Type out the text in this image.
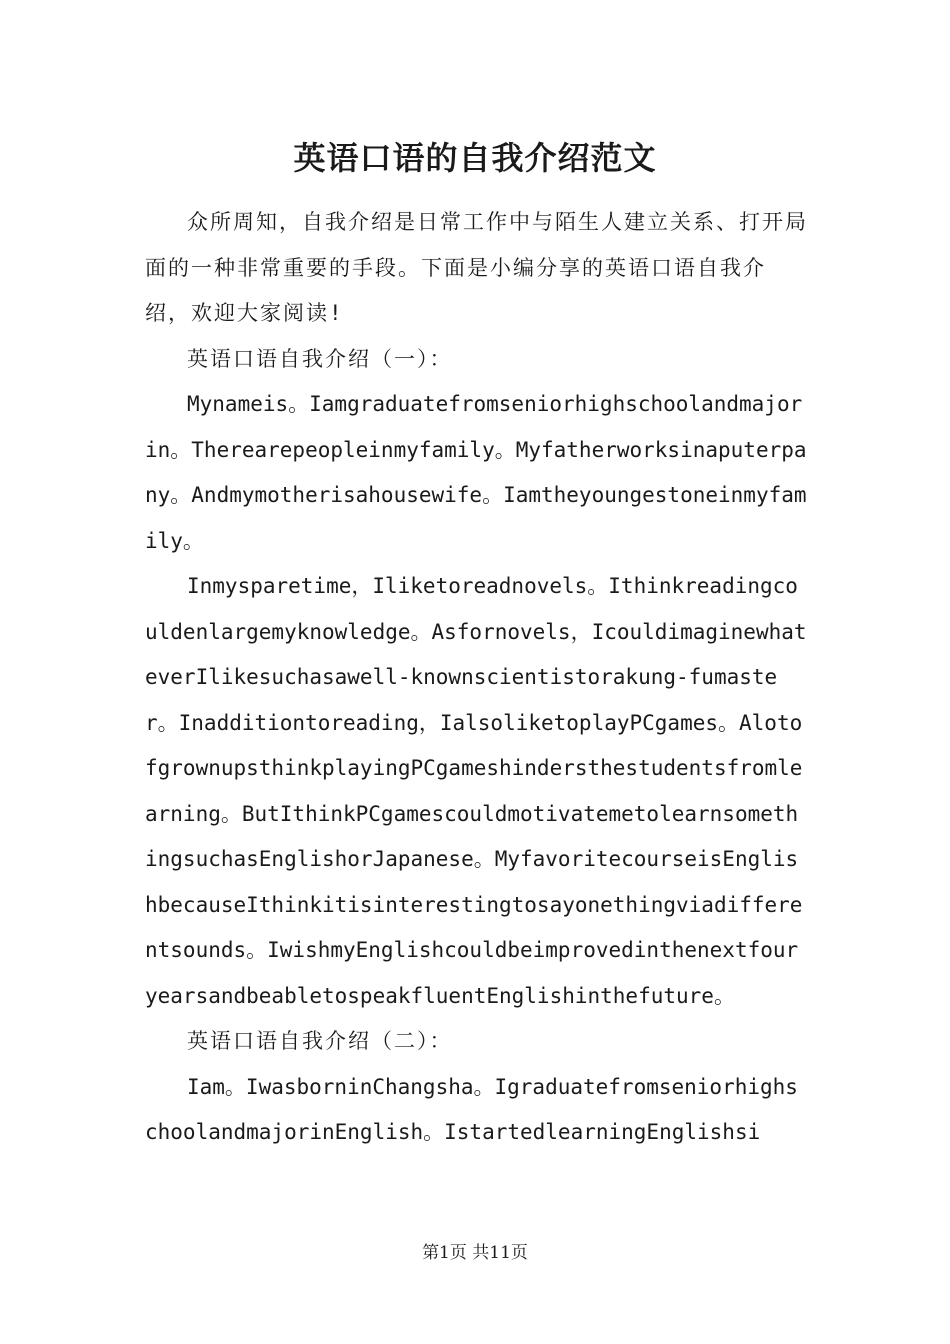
英语口语的自我介绍范文

众所周知，自我介绍是日常工作中与陌生人建立关系、打开局面的一种非常重要的手段。下面是小编分享的英语口语自我介绍，欢迎大家阅读!

英语口语自我介绍（一）：

Mynameis。Iamgraduatefromseniorhighschoolandmajorin。Therearepeopleinmyfamily。Myfatherworksinaputerpany。Andmymotherisahousewife。Iamtheyoungestoneinmyfamily。

Inmysparetime，Iliketoreadnovels。Ithinkreadingcouldenlargemyknowledge。Asfornovels，IcouldimaginewhateverIlikesuchasawell-knownscientistorakung-fumaster。Inadditiontoreading，IalsoliketoplayPCgames。AlotofgrownupsthinkplayingPCgameshindersthestudentsfromlearning。ButIthinkPCgamescouldmotivatemetolearnsomethingsuchasEnglishorJapanese。MyfavoritecourseisEnglishbecauseIthinkitisinterestingtosayonethingviadifferentsounds。IwishmyEnglishcouldbeimprovedinthenextfouryearsandbeabletospeakfluentEnglishinthefuture。

英语口语自我介绍（二）：

Iam。IwasborninChangsha。IgraduatefromseniorhighschoolandmajorinEnglish。IstartedlearningEnglishsi

第1页 共11页
